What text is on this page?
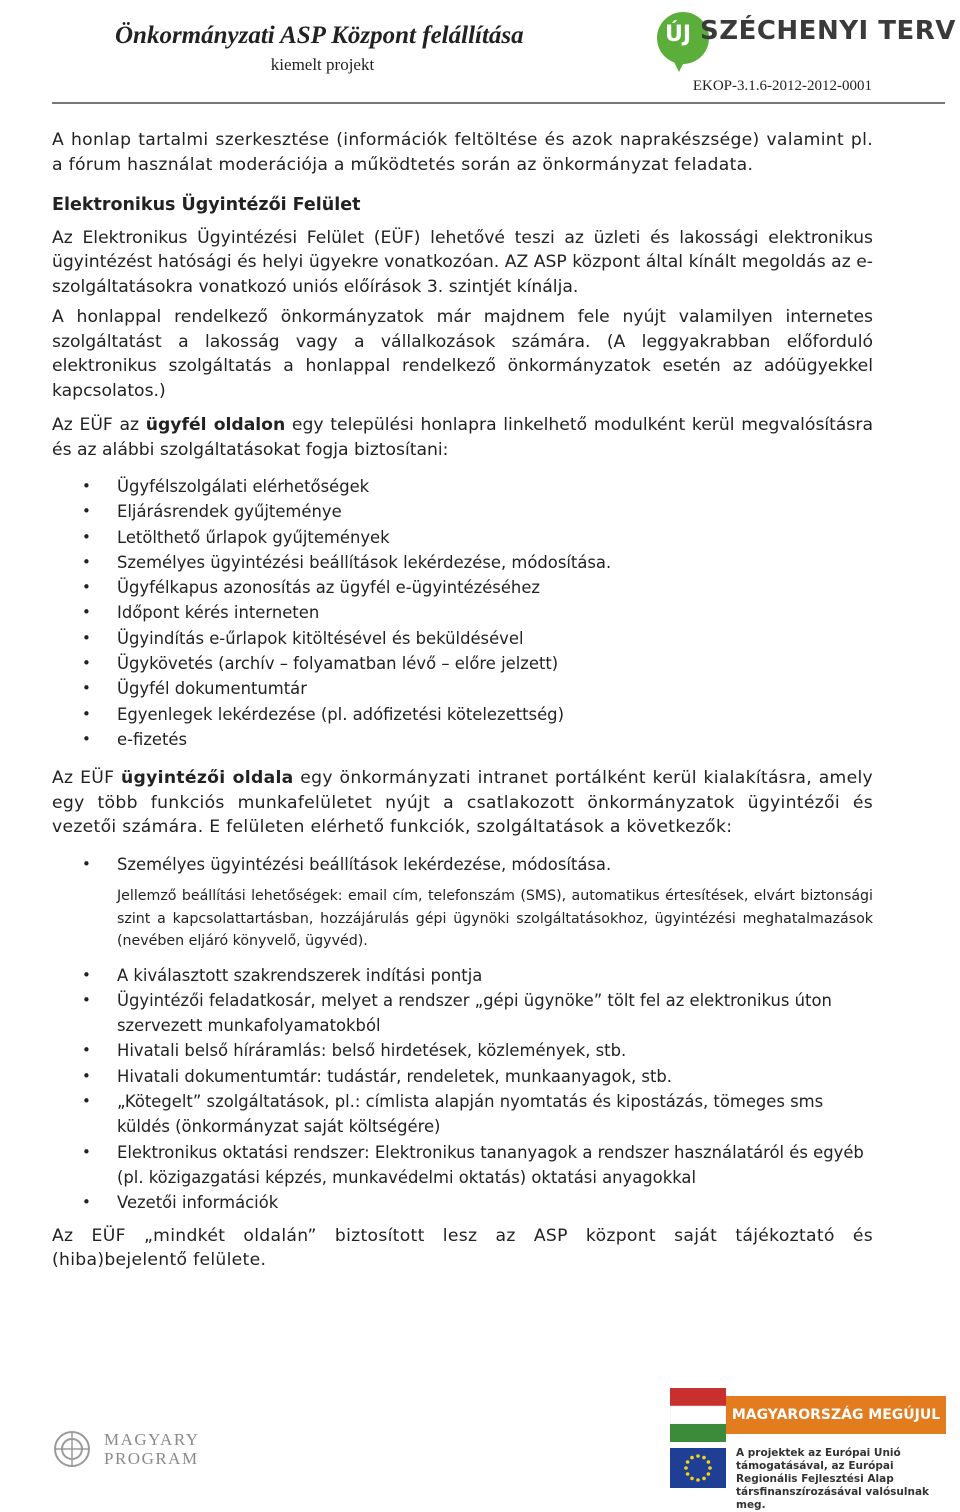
Önkormányzati ASP Központ felállítása
kiemelt projekt
ÚJ SZÉCHENYI TERV
EKOP-3.1.6-2012-2012-0001

A honlap tartalmi szerkesztése (információk feltöltése és azok naprakészsége) valamint pl. a fórum használat moderációja a működtetés során az önkormányzat feladata.

Elektronikus Ügyintézői Felület

Az Elektronikus Ügyintézési Felület (EÜF) lehetővé teszi az üzleti és lakossági elektronikus ügyintézést hatósági és helyi ügyekre vonatkozóan. AZ ASP központ által kínált megoldás az e-szolgáltatásokra vonatkozó uniós előírások 3. szintjét kínálja.

A honlappal rendelkező önkormányzatok már majdnem fele nyújt valamilyen internetes szolgáltatást a lakosság vagy a vállalkozások számára. (A leggyakrabban előforduló elektronikus szolgáltatás a honlappal rendelkező önkormányzatok esetén az adóügyekkel kapcsolatos.)

Az EÜF az ügyfél oldalon egy települési honlapra linkelhető modulként kerül megvalósításra és az alábbi szolgáltatásokat fogja biztosítani:

• Ügyfélszolgálati elérhetőségek
• Eljárásrendek gyűjteménye
• Letölthető űrlapok gyűjtemények
• Személyes ügyintézési beállítások lekérdezése, módosítása.
• Ügyfélkapus azonosítás az ügyfél e-ügyintézéséhez
• Időpont kérés interneten
• Ügyindítás e-űrlapok kitöltésével és beküldésével
• Ügykövetés (archív – folyamatban lévő – előre jelzett)
• Ügyfél dokumentumtár
• Egyenlegek lekérdezése (pl. adófizetési kötelezettség)
• e-fizetés

Az EÜF ügyintézői oldala egy önkormányzati intranet portálként kerül kialakításra, amely egy több funkciós munkafelületet nyújt a csatlakozott önkormányzatok ügyintézői és vezetői számára. E felületen elérhető funkciók, szolgáltatások a következők:

• Személyes ügyintézési beállítások lekérdezése, módosítása.

Jellemző beállítási lehetőségek: email cím, telefonszám (SMS), automatikus értesítések, elvárt biztonsági szint a kapcsolattartásban, hozzájárulás gépi ügynöki szolgáltatásokhoz, ügyintézési meghatalmazások (nevében eljáró könyvelő, ügyvéd).

• A kiválasztott szakrendszerek indítási pontja
• Ügyintézői feladatkosár, melyet a rendszer „gépi ügynöke” tölt fel az elektronikus úton szervezett munkafolyamatokból
• Hivatali belső híráramlás: belső hirdetések, közlemények, stb.
• Hivatali dokumentumtár: tudástár, rendeletek, munkaanyagok, stb.
• „Kötegelt” szolgáltatások, pl.: címlista alapján nyomtatás és kipostázás, tömeges sms küldés (önkormányzat saját költségére)
• Elektronikus oktatási rendszer: Elektronikus tananyagok a rendszer használatáról és egyéb (pl. közigazgatási képzés, munkavédelmi oktatás) oktatási anyagokkal
• Vezetői információk

Az EÜF „mindkét oldalán” biztosított lesz az ASP központ saját tájékoztató és (hiba)bejelentő felülete.

MAGYARY
PROGRAM
MAGYARORSZÁG MEGÚJUL
A projektek az Európai Unió támogatásával, az Európai Regionális Fejlesztési Alap társfinanszírozásával valósulnak meg.
